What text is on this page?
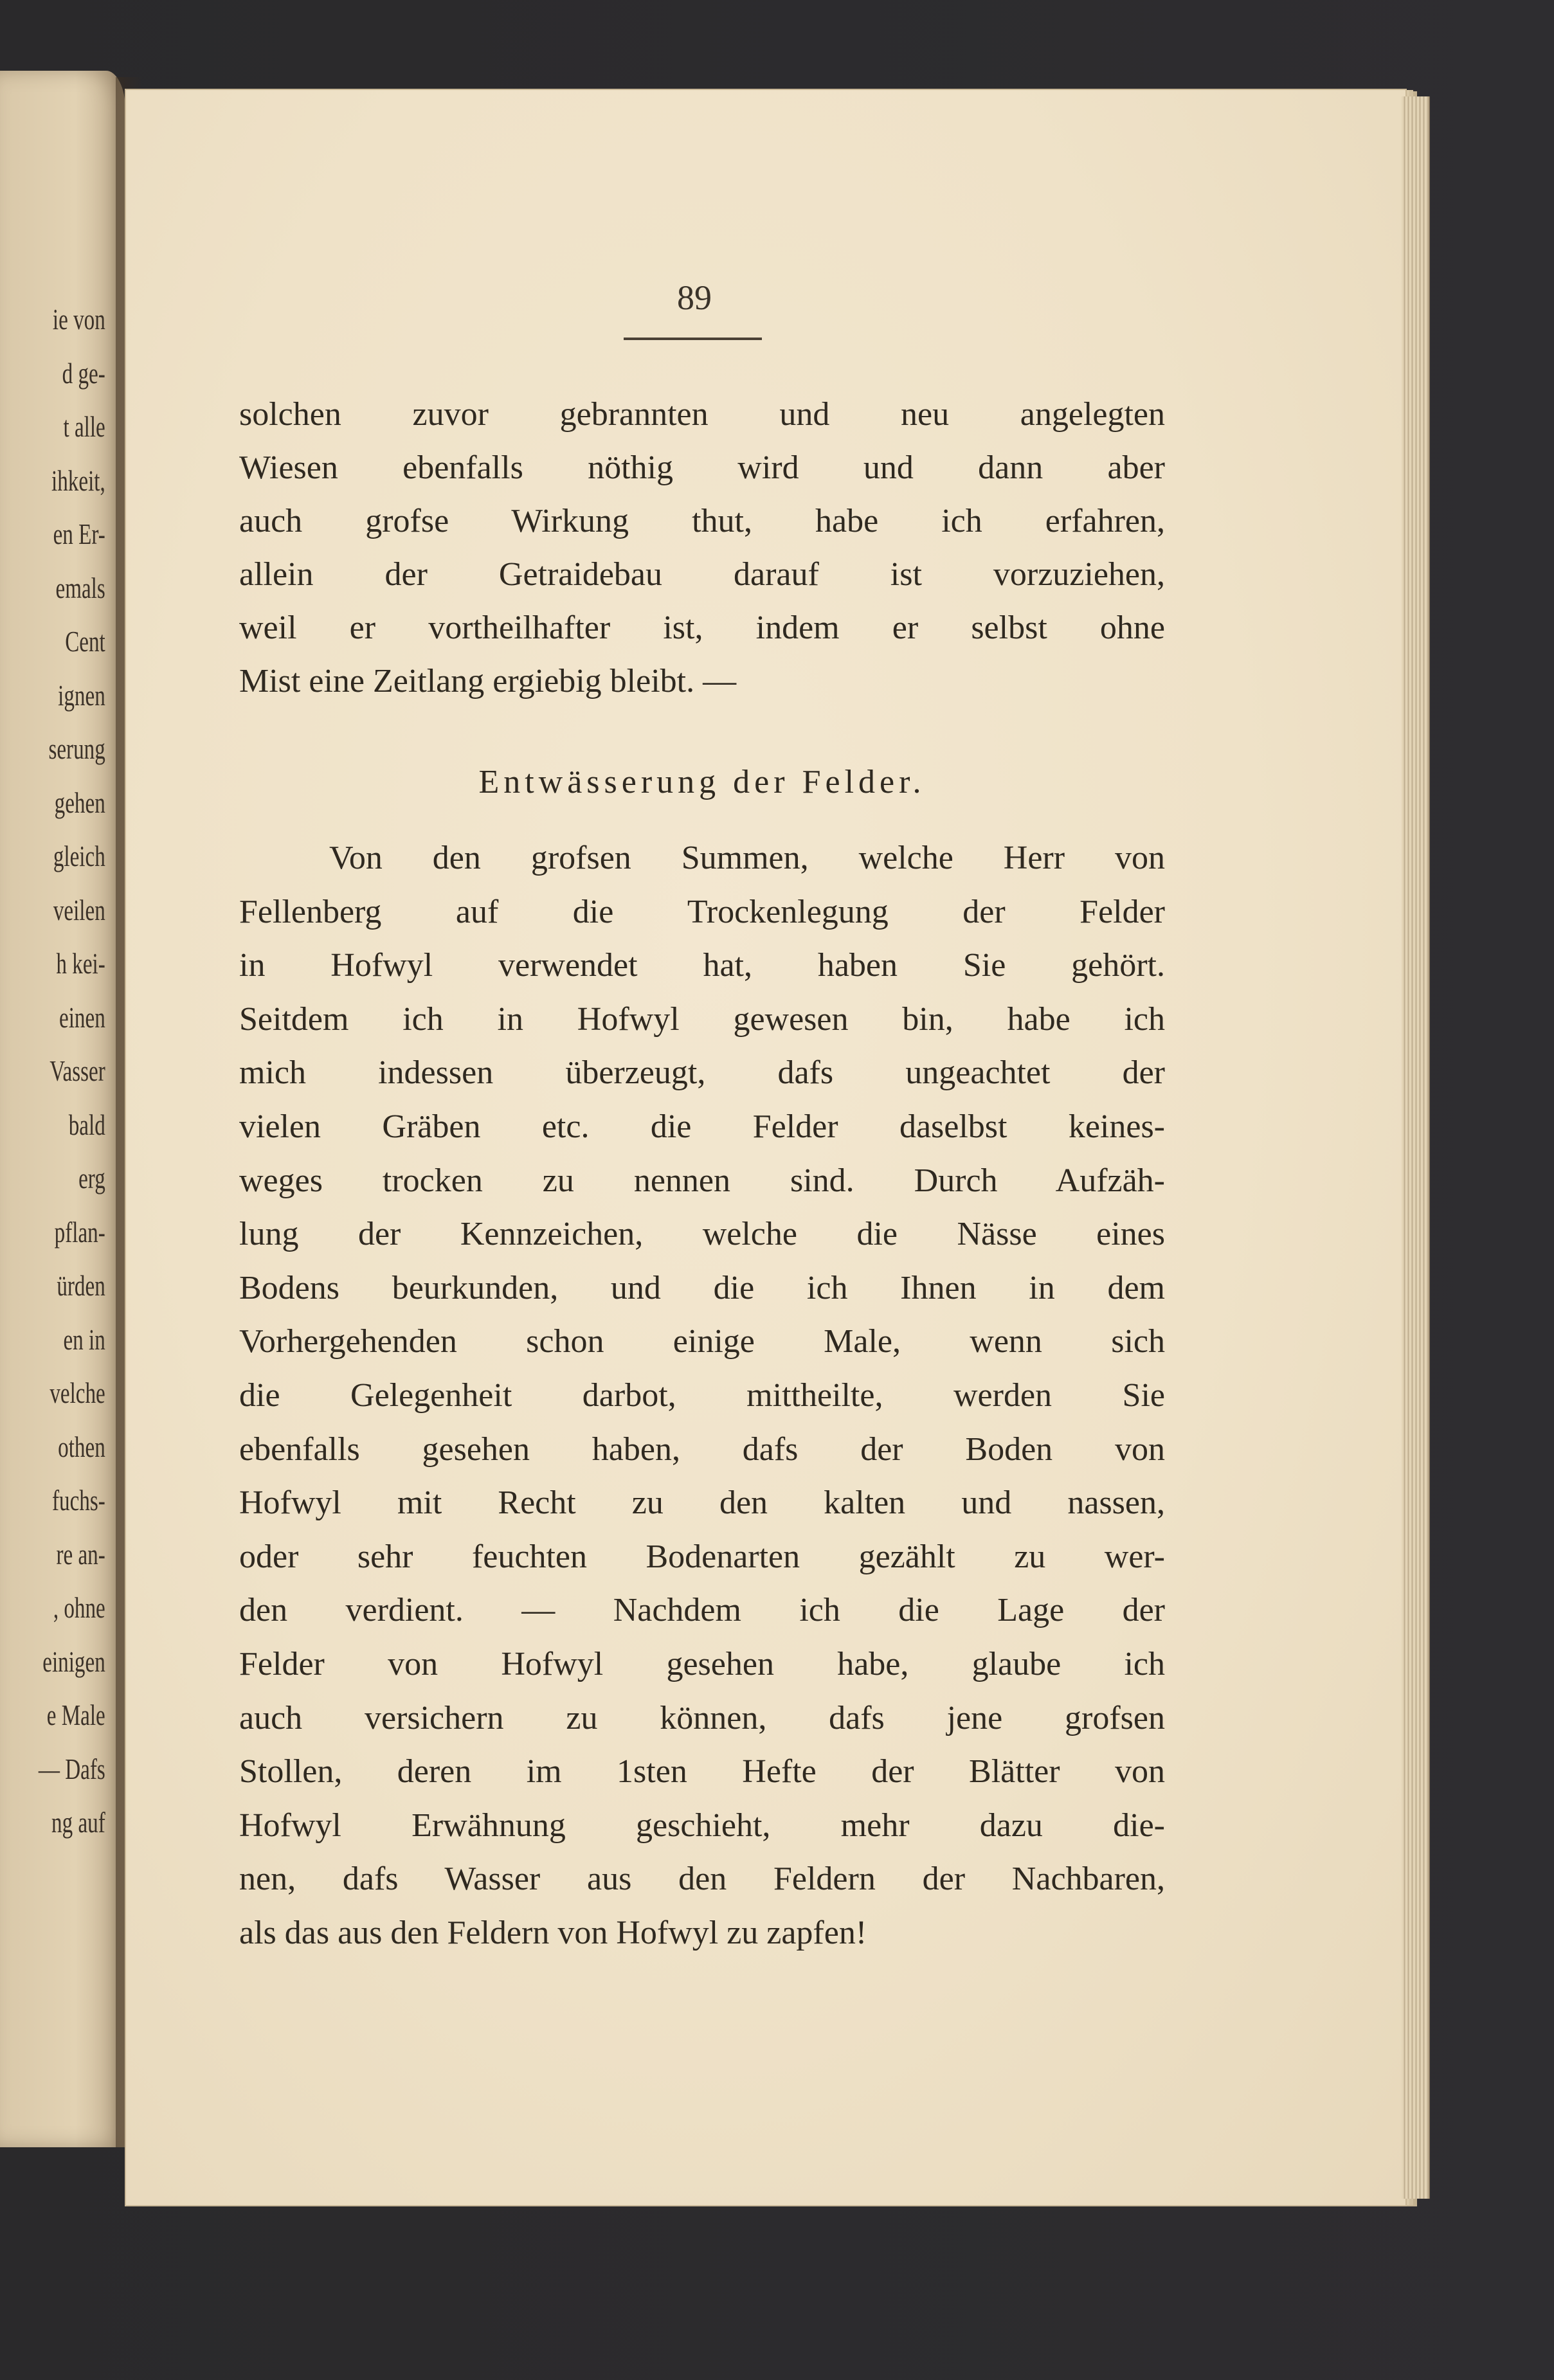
ie von
d ge-
t alle
ihkeit,
en Er-
emals
Cent
ignen
serung
gehen
gleich
veilen
h kei-
einen
Vasser
bald
erg
pflan-
ürden
en in
velche
othen
fuchs-
re an-
, ohne
einigen
e Male
— Dafs
ng auf
89
solchen zuvor gebrannten und neu angelegten
Wiesen ebenfalls nöthig wird und dann aber
auch grofse Wirkung thut, habe ich erfahren,
allein der Getraidebau darauf ist vorzuziehen,
weil er vortheilhafter ist, indem er selbst ohne
Mist eine Zeitlang ergiebig bleibt. —
Entwässerung der Felder.
Von den grofsen Summen, welche Herr von
Fellenberg auf die Trockenlegung der Felder
in Hofwyl verwendet hat, haben Sie gehört.
Seitdem ich in Hofwyl gewesen bin, habe ich
mich indessen überzeugt, dafs ungeachtet der
vielen Gräben etc. die Felder daselbst keines-
weges trocken zu nennen sind. Durch Aufzäh-
lung der Kennzeichen, welche die Nässe eines
Bodens beurkunden, und die ich Ihnen in dem
Vorhergehenden schon einige Male, wenn sich
die Gelegenheit darbot, mittheilte, werden Sie
ebenfalls gesehen haben, dafs der Boden von
Hofwyl mit Recht zu den kalten und nassen,
oder sehr feuchten Bodenarten gezählt zu wer-
den verdient. — Nachdem ich die Lage der
Felder von Hofwyl gesehen habe, glaube ich
auch versichern zu können, dafs jene grofsen
Stollen, deren im 1sten Hefte der Blätter von
Hofwyl Erwähnung geschieht, mehr dazu die-
nen, dafs Wasser aus den Feldern der Nachbaren,
als das aus den Feldern von Hofwyl zu zapfen!
